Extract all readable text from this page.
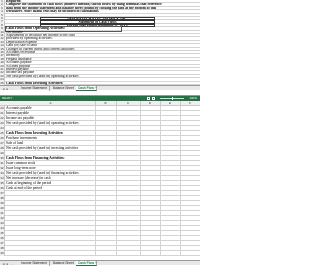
1 Required:
2 Complete the statement of cash flows (indirect method) shown below by using formulas that reference
3 data from the income statement and balance sheet (found by clicking the tabs at the bottom of this
4 worksheet. Note: Blank cells may be included in calculations.
5
6	INNOVATECH ELECTRONICS, INC.
7	Statement of Cash Flows
8	For the Year Ended December 31, 20XX
9 Cash Flows from Operating Activities:
10 Net income
11 Adjustments to reconcile net income to net cash
12 provided by operating activities:
13 Depreciation expense
14 Gain (or) sale of land
15 Changes in current assets and current liabilities:
16 Accounts receivable
17 Inventory
18 Prepaid insurance
19 Accounts payable
20 Accrued payable
21 Interest payable
22 Income tax payable
23 Net cash provided by (used in) operating activities
24
25 Cash Flows from Investing Activities:
◄ ► ...	Income Statement	Balance Sheet	Cash Flow +
READY	100%
A	B	C	D	E	F
20 Accounts payable
21 Interest payable
22 Income tax payable
23 Net cash provided by (used in) operating activities
24
25 Cash Flows from Investing Activities:
26 Purchase investments
27 Sale of land
28 Net cash provided by (used in) investing activities
29
30 Cash Flows from Financing Activities:
31 Issue common stock
32 Issue long-term note
33 Net cash provided by (used in) financing activities
34 Net increase (decrease) in cash
35 Cash at beginning of the period
36 Cash at end of the period
37
38
39
40
41
42
43
44
45
46
47
48
49
◄ ► ...	Income Statement	Balance Sheet	Cash Flow +
